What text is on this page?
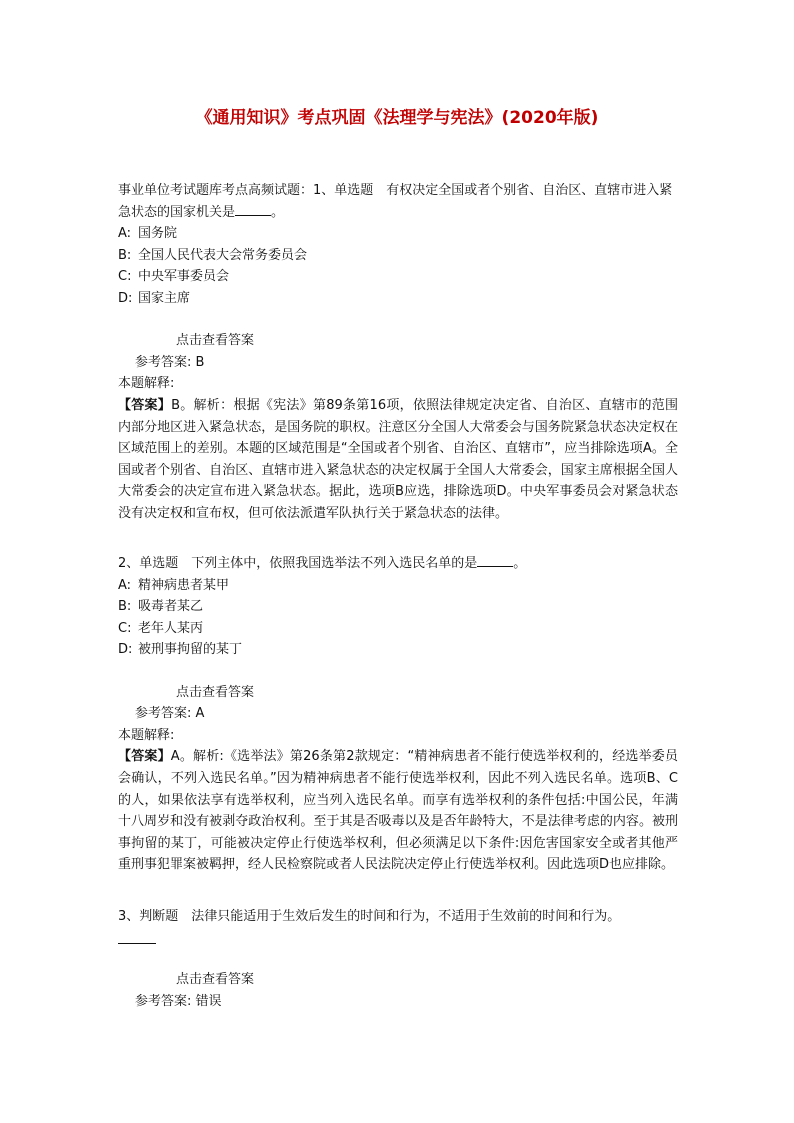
《通用知识》考点巩固《法理学与宪法》(2020年版)

事业单位考试题库考点高频试题：1、单选题　有权决定全国或者个别省、自治区、直辖市进入紧急状态的国家机关是	。

A: 国务院
B: 全国人民代表大会常务委员会
C: 中央军事委员会
D: 国家主席
点击查看答案
参考答案: B
本题解释:

【答案】B。解析：根据《宪法》第89条第16项，依照法律规定决定省、自治区、直辖市的范围内部分地区进入紧急状态，是国务院的职权。注意区分全国人大常委会与国务院紧急状态决定权在区域范围上的差别。本题的区域范围是“全国或者个别省、自治区、直辖市”，应当排除选项A。全国或者个别省、自治区、直辖市进入紧急状态的决定权属于全国人大常委会，国家主席根据全国人大常委会的决定宣布进入紧急状态。据此，选项B应选，排除选项D。中央军事委员会对紧急状态没有决定权和宣布权，但可依法派遣军队执行关于紧急状态的法律。

2、单选题　下列主体中，依照我国选举法不列入选民名单的是	。

A: 精神病患者某甲
B: 吸毒者某乙
C: 老年人某丙
D: 被刑事拘留的某丁
点击查看答案
参考答案: A
本题解释:

【答案】A。解析:《选举法》第26条第2款规定：“精神病患者不能行使选举权利的，经选举委员会确认，不列入选民名单。”因为精神病患者不能行使选举权利，因此不列入选民名单。选项B、C的人，如果依法享有选举权利，应当列入选民名单。而享有选举权利的条件包括:中国公民，年满十八周岁和没有被剥夺政治权利。至于其是否吸毒以及是否年龄特大，不是法律考虑的内容。被刑事拘留的某丁，可能被决定停止行使选举权利，但必须满足以下条件:因危害国家安全或者其他严重刑事犯罪案被羁押，经人民检察院或者人民法院决定停止行使选举权利。因此选项D也应排除。

3、判断题　法律只能适用于生效后发生的时间和行为，不适用于生效前的时间和行为。

点击查看答案
参考答案: 错误
